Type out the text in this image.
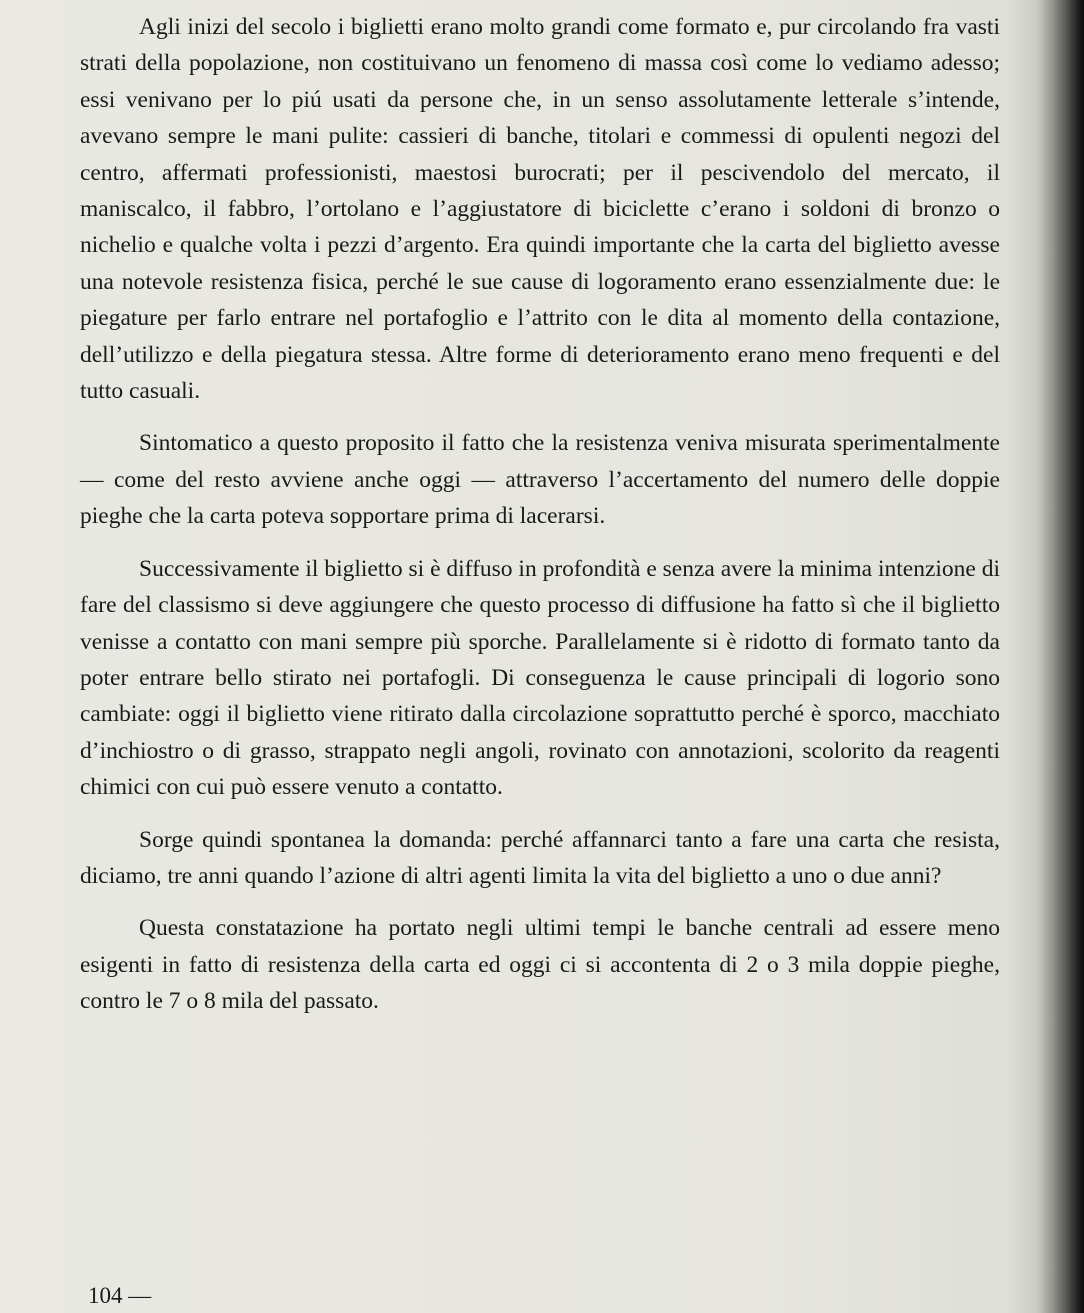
Agli inizi del secolo i biglietti erano molto grandi come formato e, pur circolando fra vasti strati della popolazione, non costituivano un fenomeno di massa così come lo vediamo adesso; essi venivano per lo piú usati da persone che, in un senso assolutamente letterale s’intende, avevano sempre le mani pulite: cassieri di banche, titolari e commessi di opulenti negozi del centro, affermati professionisti, maestosi burocrati; per il pescivendolo del mercato, il maniscalco, il fabbro, l’ortolano e l’aggiustatore di biciclette c’erano i soldoni di bronzo o nichelio e qualche volta i pezzi d’argento. Era quindi importante che la carta del biglietto avesse una notevole resistenza fisica, perché le sue cause di logoramento erano essenzialmente due: le piegature per farlo entrare nel portafoglio e l’attrito con le dita al momento della contazione, dell’utilizzo e della piegatura stessa. Altre forme di deterioramento erano meno frequenti e del tutto casuali.

Sintomatico a questo proposito il fatto che la resistenza veniva misurata sperimentalmente — come del resto avviene anche oggi — attraverso l’accertamento del numero delle doppie pieghe che la carta poteva sopportare prima di lacerarsi.

Successivamente il biglietto si è diffuso in profondità e senza avere la minima intenzione di fare del classismo si deve aggiungere che questo processo di diffusione ha fatto sì che il biglietto venisse a contatto con mani sempre più sporche. Parallelamente si è ridotto di formato tanto da poter entrare bello stirato nei portafogli. Di conseguenza le cause principali di logorio sono cambiate: oggi il biglietto viene ritirato dalla circolazione soprattutto perché è sporco, macchiato d’inchiostro o di grasso, strappato negli angoli, rovinato con annotazioni, scolorito da reagenti chimici con cui può essere venuto a contatto.

Sorge quindi spontanea la domanda: perché affannarci tanto a fare una carta che resista, diciamo, tre anni quando l’azione di altri agenti limita la vita del biglietto a uno o due anni?

Questa constatazione ha portato negli ultimi tempi le banche centrali ad essere meno esigenti in fatto di resistenza della carta ed oggi ci si accontenta di 2 o 3 mila doppie pieghe, contro le 7 o 8 mila del passato.

104 —
